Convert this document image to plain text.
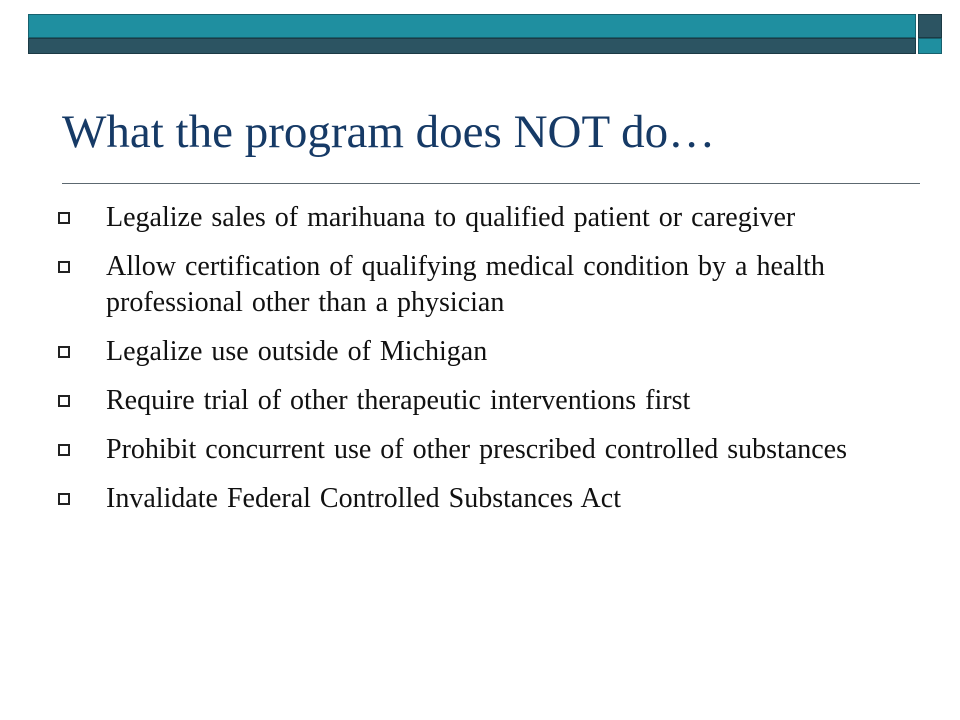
What the program does NOT do…
Legalize sales of marihuana to qualified patient or caregiver
Allow certification of qualifying medical condition by a health professional other than a physician
Legalize use outside of Michigan
Require trial of other therapeutic interventions first
Prohibit concurrent use of other prescribed controlled substances
Invalidate Federal Controlled Substances Act
